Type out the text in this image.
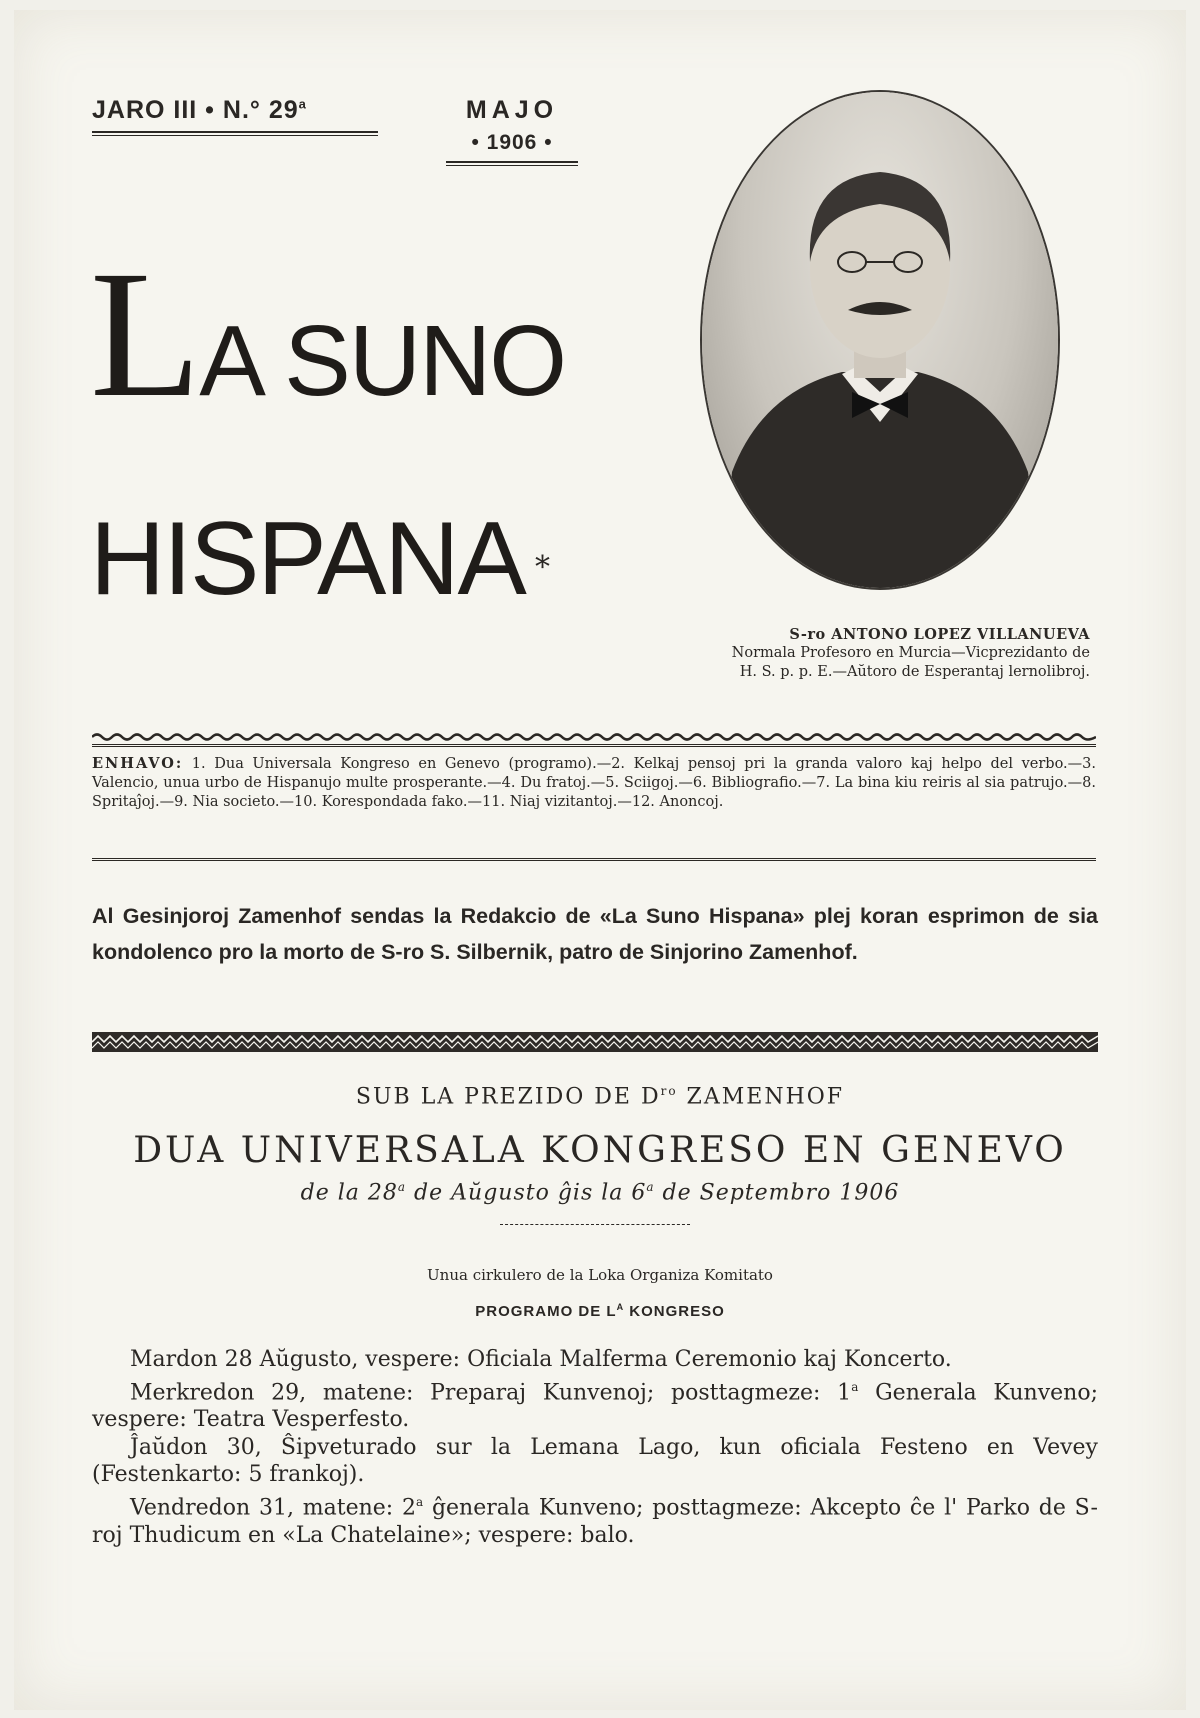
JARO III • N.° 29$^a$	MAJO
• 1906 •
LA SUNO
HISPANA *
S-ro ANTONO LOPEZ VILLANUEVA
Normala Profesoro en Murcia—Vicprezidanto de
H. S. p. p. E.—Aŭtoro de Esperantaj lernolibroj.
ENHAVO: 1. Dua Universala Kongreso en Genevo (programo).—2. Kelkaj pensoj pri la granda valoro kaj helpo del verbo.—3. Valencio, unua urbo de Hispanujo multe prosperante.—4. Du fratoj.—5. Sciigoj.—6. Bibliografio.—7. La bina kiu reiris al sia patrujo.—8. Spritaĵoj.—9. Nia societo.—10. Korespondada fako.—11. Niaj vizitantoj.—12. Anoncoj.
Al Gesinjoroj Zamenhof sendas la Redakcio de «La Suno Hispana» plej koran esprimon de sia kondolenco pro la morto de S-ro S. Silbernik, patro de Sinjorino Zamenhof.
SUB LA PREZIDO DE $D^{ro}$ ZAMENHOF
DUA UNIVERSALA KONGRESO EN GENEVO
de la 28$^a$ de Aŭgusto ĝis la 6$^a$ de Septembro 1906
Unua cirkulero de la Loka Organiza Komitato
PROGRAMO DE $L^A$ KONGRESO

Mardon 28 Aŭgusto, vespere: Oficiala Malferma Ceremonio kaj Koncerto.

Merkredon 29, matene: Preparaj Kunvenoj; posttagmeze: 1$^a$ Generala Kunveno; vespere: Teatra Vesperfesto.

Ĵaŭdon 30, Ŝipveturado sur la Lemana Lago, kun oficiala Festeno en Vevey (Festenkarto: 5 frankoj).

Vendredon 31, matene: 2$^a$ ĝenerala Kunveno; posttagmeze: Akcepto ĉe l' Parko de S-roj Thudicum en «La Chatelaine»; vespere: balo.
